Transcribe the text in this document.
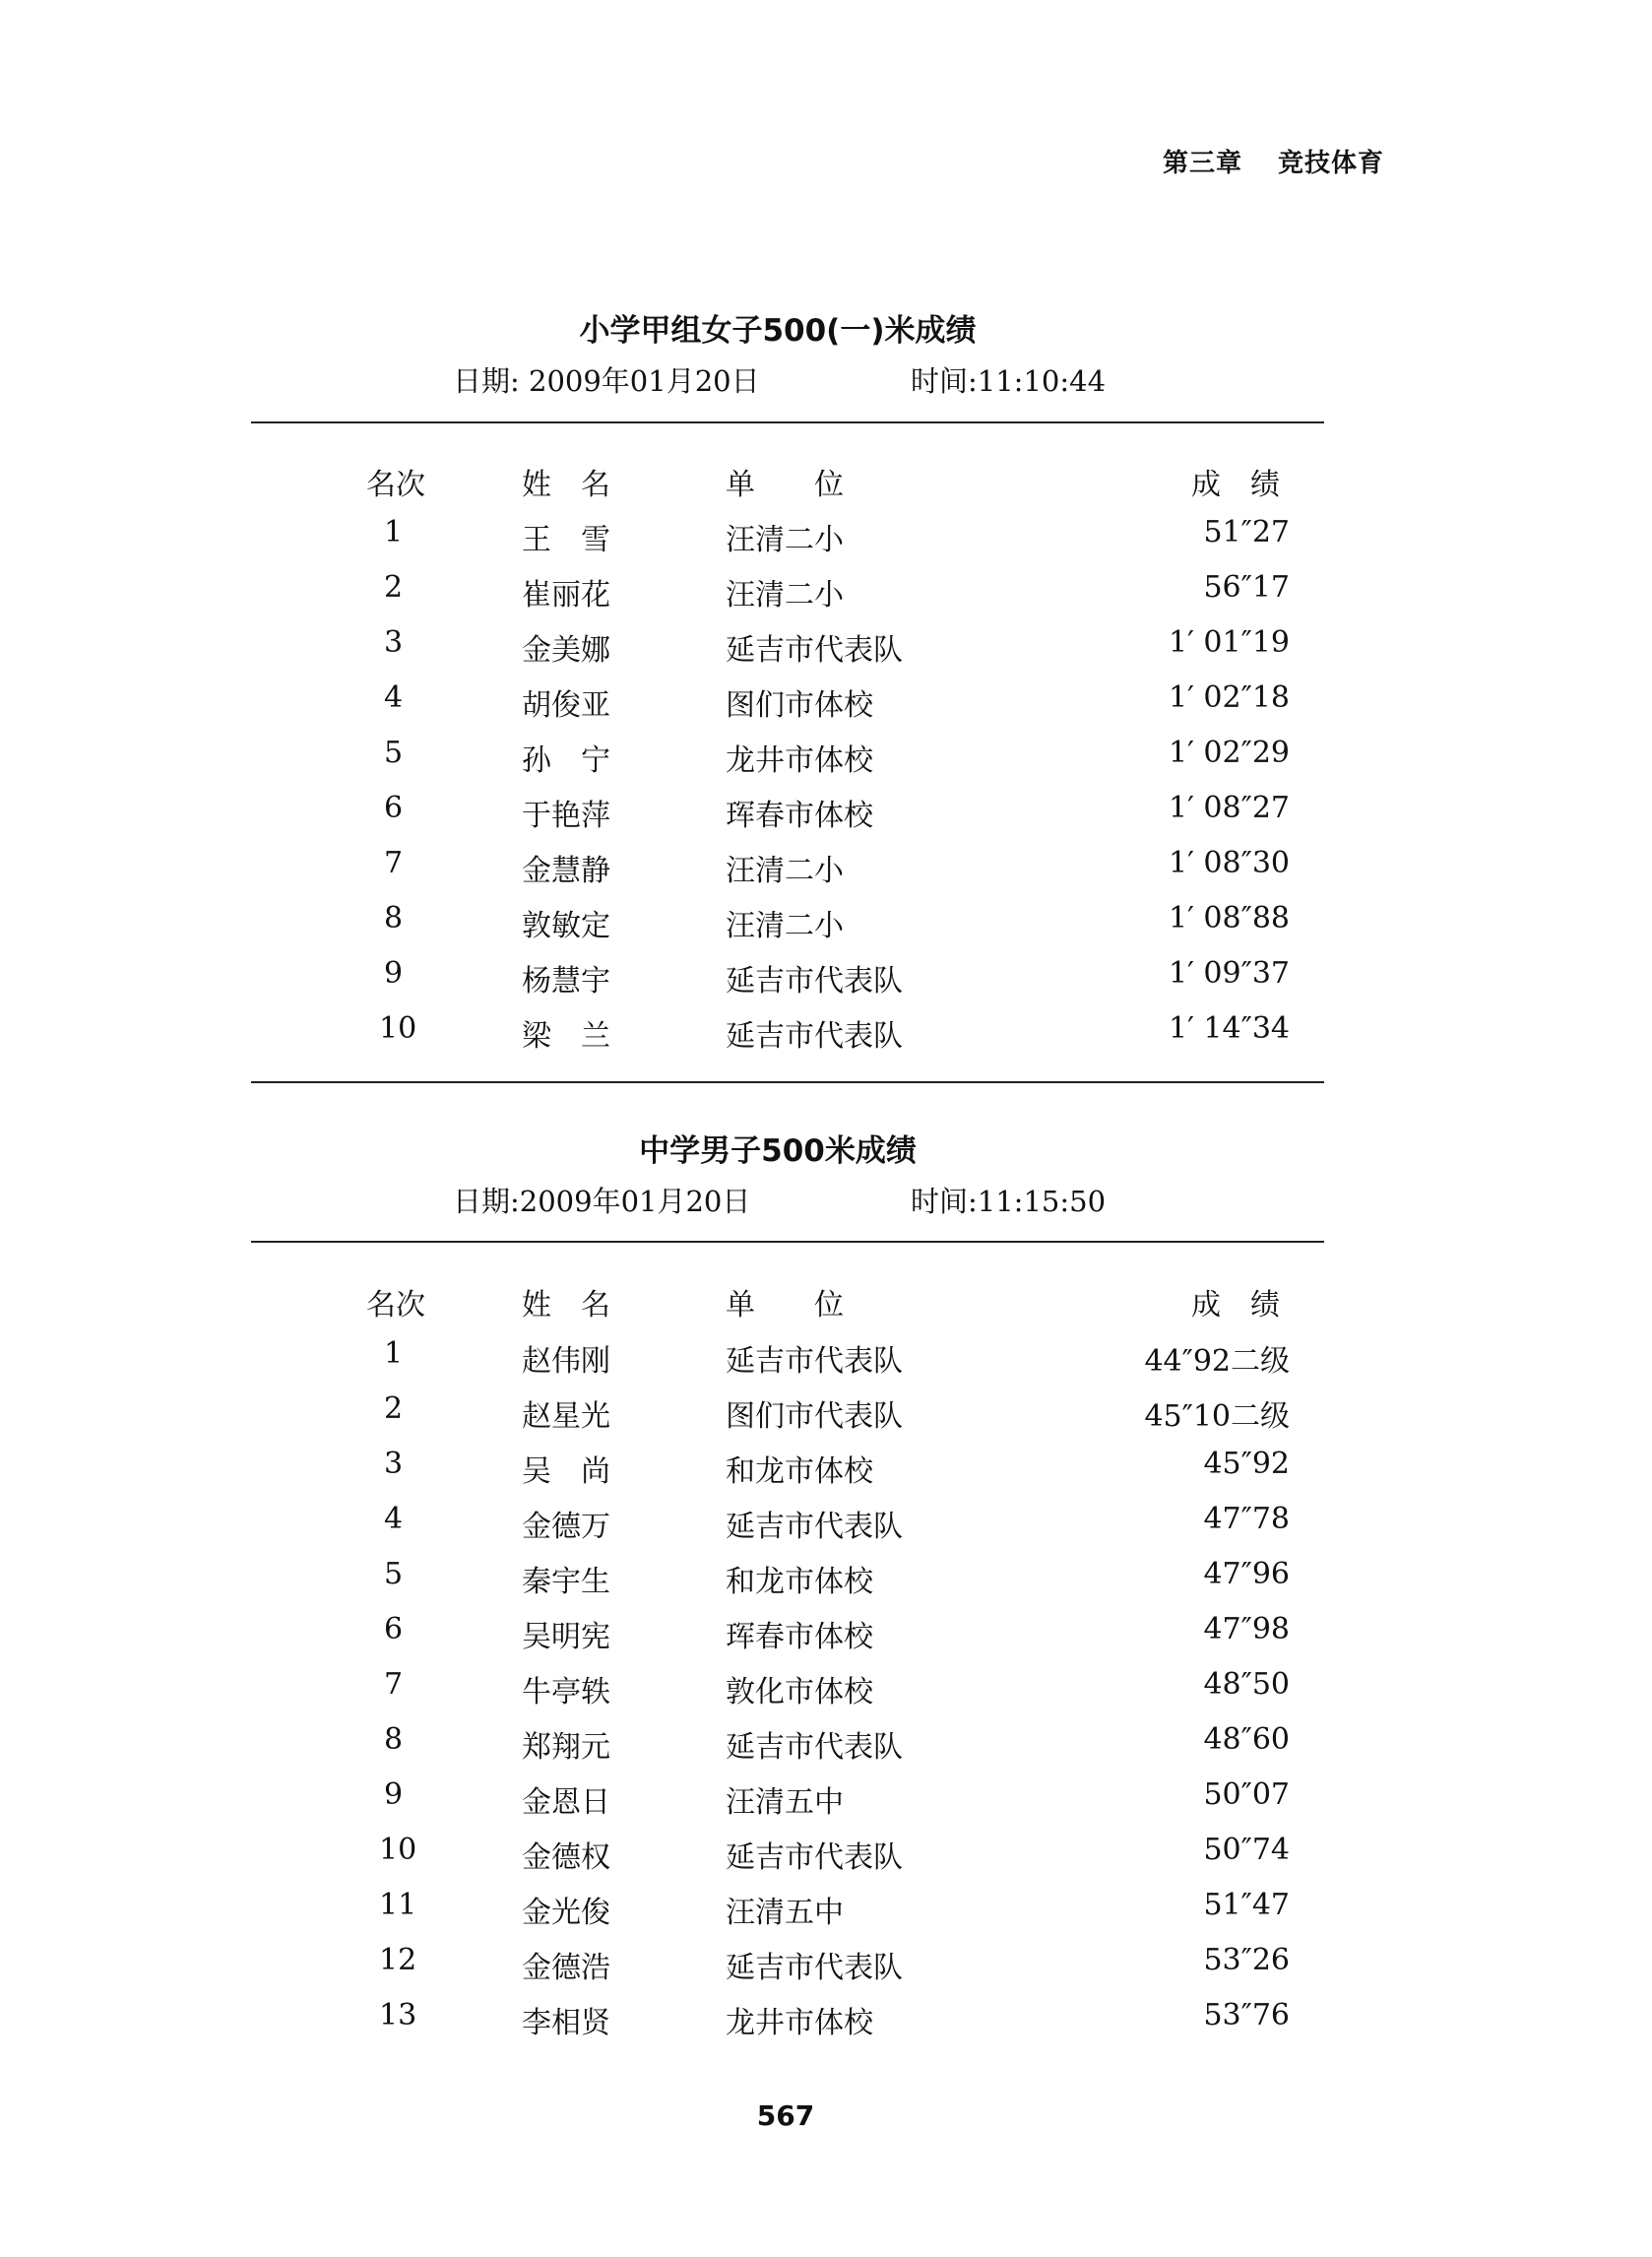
第三章 竞技体育
小学甲组女子500(一)米成绩
日期: 2009年01月20日	时间:11:10:44
名次	姓　名	单　　位	成　绩
1	王　雪	汪清二小	51″27
2	崔丽花	汪清二小	56″17
3	金美娜	延吉市代表队	1′ 01″19
4	胡俊亚	图们市体校	1′ 02″18
5	孙　宁	龙井市体校	1′ 02″29
6	于艳萍	珲春市体校	1′ 08″27
7	金慧静	汪清二小	1′ 08″30
8	敦敏定	汪清二小	1′ 08″88
9	杨慧宇	延吉市代表队	1′ 09″37
10	梁　兰	延吉市代表队	1′ 14″34
中学男子500米成绩
日期:2009年01月20日	时间:11:15:50
名次	姓　名	单　　位	成　绩
1	赵伟刚	延吉市代表队	44″92二级
2	赵星光	图们市代表队	45″10二级
3	吴　尚	和龙市体校	45″92
4	金德万	延吉市代表队	47″78
5	秦宇生	和龙市体校	47″96
6	吴明宪	珲春市体校	47″98
7	牛亭轶	敦化市体校	48″50
8	郑翔元	延吉市代表队	48″60
9	金恩日	汪清五中	50″07
10	金德权	延吉市代表队	50″74
11	金光俊	汪清五中	51″47
12	金德浩	延吉市代表队	53″26
13	李相贤	龙井市体校	53″76
567
